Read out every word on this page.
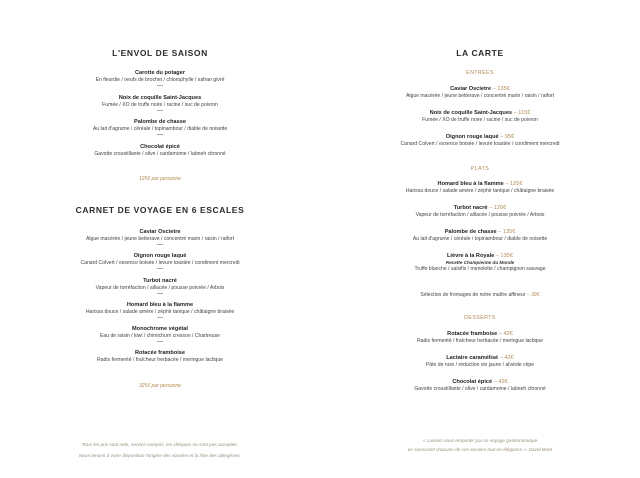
L'ENVOL DE SAISON
Carotte du potager
En fleurdie / oeufs de brochet / chlorophylle / safran givré
Noix de coquille Saint-Jacques
Fumée / XO de truffe noire / racine / suc de poivron
Palombe de chasse
Au lait d'agrume / céréale / topinambour / diable de noisette
Chocolat épicé
Gavotte croustillante / olive / cardamome / labneh citronné
125€ par personne
CARNET DE VOYAGE EN 6 ESCALES
Caviar Oscietre
Algue macérée / jeune betterave / concentré marin / raisin / raifort
Oignon rouge laqué
Canard Colvert / essence boisée / levure toastée / condiment mercredi
Turbot nacré
Vapeur de torréfaction / aillacée / pousse poivrée / Arbois
Homard bleu à la flamme
Harissa douce / salade amère / zéphir tanique / châtaigne braisée
Monochrome végétal
Eau de raisin / kiwi / chimichurri cresson / Chartreuse
Rotacée framboise
Radis fermenté / fraîcheur herbacée / meringue lactique
325€ par personne
Tous les prix sont nets, service compris, les chèques ne sont pas acceptés.
Nous tenons à votre disposition l'origine des viandes et la liste des allergènes.
LA CARTE
ENTRÉES
Caviar Oscietre – 135€
Algue macérée / jeune betterave / concentré marin / raisin / raifort
Noix de coquille Saint-Jacques – 115€
Fumée / XO de truffe noire / racine / suc de poivron
Oignon rouge laqué – 95€
Canard Colvert / essence boisée / levure toastée / condiment mercredi
PLATS
Homard bleu à la flamme – 125€
Harissa douce / salade amère / zéphir tanique / châtaigne braisée
Turbot nacré – 120€
Vapeur de torréfaction / aillacée / pousse poivrée / Arbois
Palombe de chasse – 135€
Au lait d'agrume / céréale / topinambour / diable de noisette
Lièvre à la Royale – 135€
Recette Champienne du Monde
Truffe blanche / salsifis / menolette / champignon sauvage
Sélection de fromages de notre maître affineur – 39€
DESSERTS
Rotacée framboise – 42€
Radis fermenté / fraîcheur herbacée / meringue lactique
Lactaire caramélisé – 42€
Pâte de noix / réduction vin jaune / alvéole cèpe
Chocolat épicé – 42€
Gavotte croustillante / olive / cardamome / labneh citronné
« Laissez-vous emporter par ce voyage gastronomique
en savourant chacune de ces escales tout en élégance ». David Bizet
